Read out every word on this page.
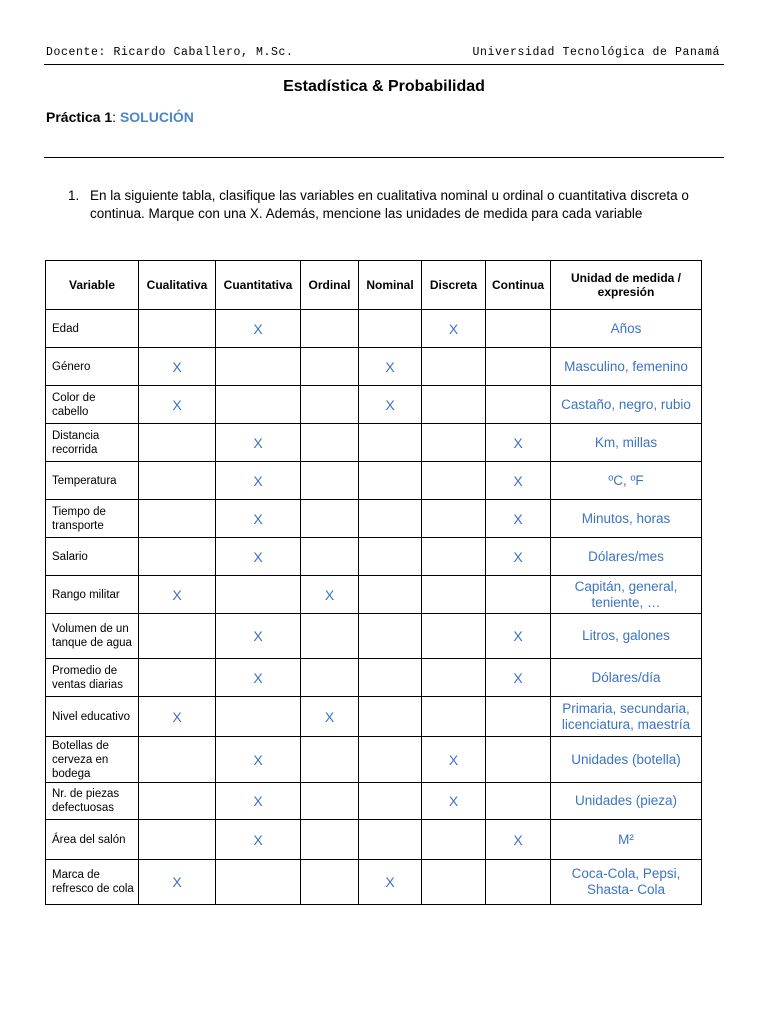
Docente: Ricardo Caballero, M.Sc.	Universidad Tecnológica de Panamá
Estadística & Probabilidad
Práctica 1: SOLUCIÓN
1. En la siguiente tabla, clasifique las variables en cualitativa nominal u ordinal o cuantitativa discreta o continua. Marque con una X. Además, mencione las unidades de medida para cada variable
Variable	Cualitativa	Cuantitativa	Ordinal	Nominal	Discreta	Continua	Unidad de medida / expresión
Edad		X			X		Años
Género	X			X			Masculino, femenino
Color de cabello	X			X			Castaño, negro, rubio
Distancia recorrida		X				X	Km, millas
Temperatura		X				X	ºC, ºF
Tiempo de transporte		X				X	Minutos, horas
Salario		X				X	Dólares/mes
Rango militar	X		X				Capitán, general, teniente, …
Volumen de un tanque de agua		X				X	Litros, galones
Promedio de ventas diarias		X				X	Dólares/día
Nivel educativo	X		X				Primaria, secundaria, licenciatura, maestría
Botellas de cerveza en bodega		X			X		Unidades (botella)
Nr. de piezas defectuosas		X			X		Unidades (pieza)
Área del salón		X				X	M²
Marca de refresco de cola	X			X			Coca-Cola, Pepsi, Shasta- Cola
